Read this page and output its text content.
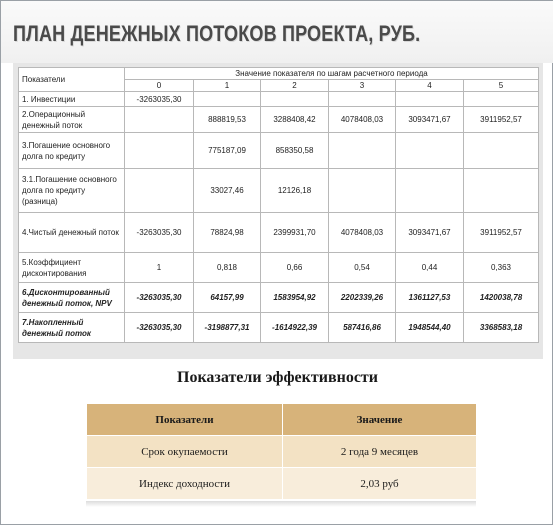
ПЛАН ДЕНЕЖНЫХ ПОТОКОВ ПРОЕКТА, РУБ.
Показатели	Значение показателя по шагам расчетного периода					
	0	1	2	3	4	5
1. Инвестиции	-3263035,30					
2.Операционный денежный поток		888819,53	3288408,42	4078408,03	3093471,67	3911952,57
3.Погашение основного долга по кредиту		775187,09	858350,58			
3.1.Погашение основного долга по кредиту (разница)		33027,46	12126,18			
4.Чистый денежный поток	-3263035,30	78824,98	2399931,70	4078408,03	3093471,67	3911952,57
5.Коэффициент дисконтирования	1	0,818	0,66	0,54	0,44	0,363
6.Дисконтированный денежный поток, NPV	-3263035,30	64157,99	1583954,92	2202339,26	1361127,53	1420038,78
7.Накопленный денежный поток	-3263035,30	-3198877,31	-1614922,39	587416,86	1948544,40	3368583,18
Показатели эффективности
Показатели	Значение
Срок окупаемости	2 года 9 месяцев
Индекс доходности	2,03 руб
